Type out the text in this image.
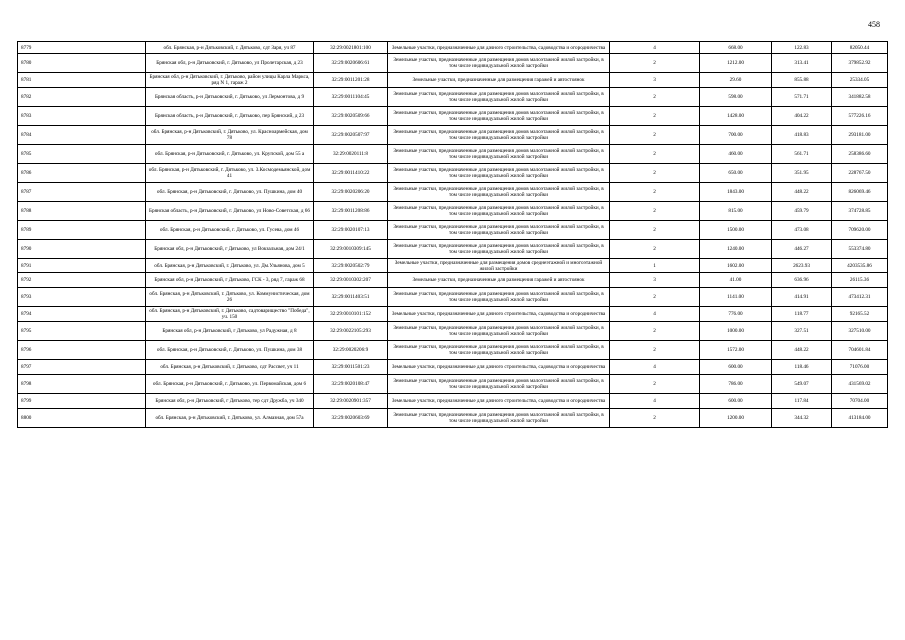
458
8779	обл. Брянская, р-н Дятьковский, г. Дятьково, сдт Заря, уч 87	32:29:0021801:100	Земельные участки, предназначенные для дачного строительства, садоводства и огородничества	4	668.00	122.83	82050.44
8780	Брянская обл, р-н Дятьковский, г. Дятьково, ул Пролетарская, д 23	32:29:0020606:61	Земельные участки, предназначенные для размещения домов малоэтажной жилой застройки, в том числе индивидуальной жилой застройки	2	1212.00	313.41	379852.92
8781	Брянская обл, р-н Дятьковский, г. Дятьково, район улицы Карла Маркса, ряд N 1, гараж 2	32:29:0011201:28	Земельные участки, предназначенные для размещения гаражей и автостоянок	3	29.60	855.88	25334.05
8782	Брянская область, р-н Дятьковский, г. Дятьково, ул Лермонтова, д 9	32:29:0011104:45	Земельные участки, предназначенные для размещения домов малоэтажной жилой застройки, в том числе индивидуальной жилой застройки	2	598.00	571.71	341882.58
8783	Брянская область, р-н Дятьковский, г. Дятьково, пер Брянский, д 23	32:29:0020509:66	Земельные участки, предназначенные для размещения домов малоэтажной жилой застройки, в том числе индивидуальной жилой застройки	2	1428.00	404.22	577226.16
8784	обл. Брянская, р-н Дятьковский, г. Дятьково, ул. Красноармейская, дом 78	32:29:0020507:97	Земельные участки, предназначенные для размещения домов малоэтажной жилой застройки, в том числе индивидуальной жилой застройки	2	700.00	418.83	293181.00
8785	обл. Брянская, р-н Дятьковский, г. Дятьково, ул. Крупской, дом 55 а	32:29:0020111:8	Земельные участки, предназначенные для размещения домов малоэтажной жилой застройки, в том числе индивидуальной жилой застройки	2	460.00	561.71	258386.60
8786	обл. Брянская, р-н Дятьковский, г. Дятьково, ул. 3.Космодемьянской, дом 41	32:29:0011410:22	Земельные участки, предназначенные для размещения домов малоэтажной жилой застройки, в том числе индивидуальной жилой застройки	2	650.00	351.95	228767.50
8787	обл. Брянская, р-н Дятьковский, г. Дятьково, ул. Пушкина, дом 40	32:29:0020206:20	Земельные участки, предназначенные для размещения домов малоэтажной жилой застройки, в том числе индивидуальной жилой застройки	2	1843.00	448.22	826069.46
8788	Брянская область, р-н Дятьковский, г. Дятьково, ул Ново-Советская, д 66	32:29:0011208:86	Земельные участки, предназначенные для размещения домов малоэтажной жилой застройки, в том числе индивидуальной жилой застройки	2	815.00	459.79	374728.85
8789	обл. Брянская, р-н Дятьковский, г. Дятьково, ул. Гусева, дом 46	32:29:0020107:13	Земельные участки, предназначенные для размещения домов малоэтажной жилой застройки, в том числе индивидуальной жилой застройки	2	1500.00	473.08	709620.00
8790	Брянская обл, р-н Дятьковский, г Дятьково, ул Вокзальная, дом 24/1	32:29:0010309:145	Земельные участки, предназначенные для размещения домов малоэтажной жилой застройки, в том числе индивидуальной жилой застройки	2	1240.00	446.27	553374.80
8791	обл. Брянская, р-н Дятьковский, г. Дятьково, ул. Дм.Ульянова, дом 5	32:29:0020502:79	Земельные участки, предназначенные для размещения домов среднеэтажной и многоэтажной жилой застройки	1	1602.00	2623.93	4203535.86
8792	Брянская обл, р-н Дятьковский, г Дятьково, ГСК - 3, ряд 7, гараж 68	32:29:0010302:207	Земельные участки, предназначенные для размещения гаражей и автостоянок	3	41.00	636.96	26115.36
8793	обл. Брянская, р-н Дятьковский, г. Дятьково, ул. Коммунистическая, дом 26	32:29:0011403:51	Земельные участки, предназначенные для размещения домов малоэтажной жилой застройки, в том числе индивидуальной жилой застройки	2	1141.00	414.91	473412.31
8794	обл. Брянская, р-н Дятьковский, г. Дятьково, садтоварищество "Победа", уч. 150	32:29:0010101:152	Земельные участки, предназначенные для дачного строительства, садоводства и огородничества	4	776.00	118.77	92165.52
8795	Брянская обл, р-н Дятьковский, г Дятьково, ул Радужная, д 8	32:29:0022105:293	Земельные участки, предназначенные для размещения домов малоэтажной жилой застройки, в том числе индивидуальной жилой застройки	2	1000.00	327.51	327510.00
8796	обл. Брянская, р-н Дятьковский, г. Дятьково, ул. Пушкина, дом 38	32:29:0020206:9	Земельные участки, предназначенные для размещения домов малоэтажной жилой застройки, в том числе индивидуальной жилой застройки	2	1572.00	448.22	704601.84
8797	обл. Брянская, р-н Дятьковский, г. Дятьково, сдт Рассвет, уч 11	32:29:0011501:23	Земельные участки, предназначенные для дачного строительства, садоводства и огородничества	4	600.00	118.46	71076.00
8798	обл. Брянская, р-н Дятьковский, г. Дятьково, ул. Первомайская, дом 6	32:29:0020108:47	Земельные участки, предназначенные для размещения домов малоэтажной жилой застройки, в том числе индивидуальной жилой застройки	2	786.00	549.07	431569.02
8799	Брянская обл, р-н Дятьковский, г Дятьково, тер сдт Дружба, уч 340	32:29:0020901:357	Земельные участки, предназначенные для дачного строительства, садоводства и огородничества	4	600.00	117.84	70704.00
8800	обл. Брянская, р-н Дятьковский, г. Дятьково, ул. Алмазная, дом 57а	32:29:0020603:69	Земельные участки, предназначенные для размещения домов малоэтажной жилой застройки, в том числе индивидуальной жилой застройки	2	1200.00	344.32	413184.00
